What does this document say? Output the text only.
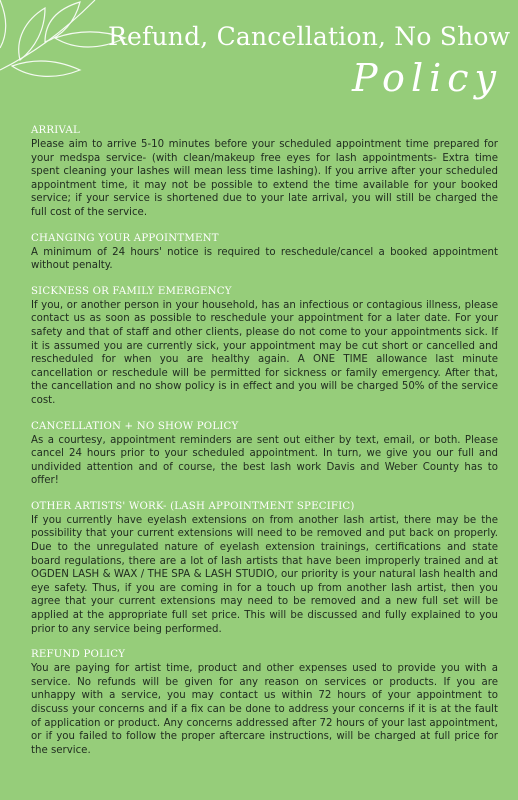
Refund, Cancellation, No Show
Policy

ARRIVAL

Please aim to arrive 5-10 minutes before your scheduled appointment time prepared for your medspa service- (with clean/makeup free eyes for lash appointments- Extra time spent cleaning your lashes will mean less time lashing). If you arrive after your scheduled appointment time, it may not be possible to extend the time available for your booked service; if your service is shortened due to your late arrival, you will still be charged the full cost of the service.

CHANGING YOUR APPOINTMENT

A minimum of 24 hours' notice is required to reschedule/cancel a booked appointment without penalty.

SICKNESS OR FAMILY EMERGENCY

If you, or another person in your household, has an infectious or contagious illness, please contact us as soon as possible to reschedule your appointment for a later date. For your safety and that of staff and other clients, please do not come to your appointments sick. If it is assumed you are currently sick, your appointment may be cut short or cancelled and rescheduled for when you are healthy again. A ONE TIME allowance last minute cancellation or reschedule will be permitted for sickness or family emergency. After that, the cancellation and no show policy is in effect and you will be charged 50% of the service cost.

CANCELLATION + NO SHOW POLICY

As a courtesy, appointment reminders are sent out either by text, email, or both. Please cancel 24 hours prior to your scheduled appointment. In turn, we give you our full and undivided attention and of course, the best lash work Davis and Weber County has to offer!

OTHER ARTISTS' WORK- (LASH APPOINTMENT SPECIFIC)

If you currently have eyelash extensions on from another lash artist, there may be the possibility that your current extensions will need to be removed and put back on properly. Due to the unregulated nature of eyelash extension trainings, certifications and state board regulations, there are a lot of lash artists that have been improperly trained and at OGDEN LASH & WAX / THE SPA & LASH STUDIO, our priority is your natural lash health and eye safety. Thus, if you are coming in for a touch up from another lash artist, then you agree that your current extensions may need to be removed and a new full set will be applied at the appropriate full set price. This will be discussed and fully explained to you prior to any service being performed.

REFUND POLICY

You are paying for artist time, product and other expenses used to provide you with a service. No refunds will be given for any reason on services or products. If you are unhappy with a service, you may contact us within 72 hours of your appointment to discuss your concerns and if a fix can be done to address your concerns if it is at the fault of application or product. Any concerns addressed after 72 hours of your last appointment, or if you failed to follow the proper aftercare instructions, will be charged at full price for the service.
